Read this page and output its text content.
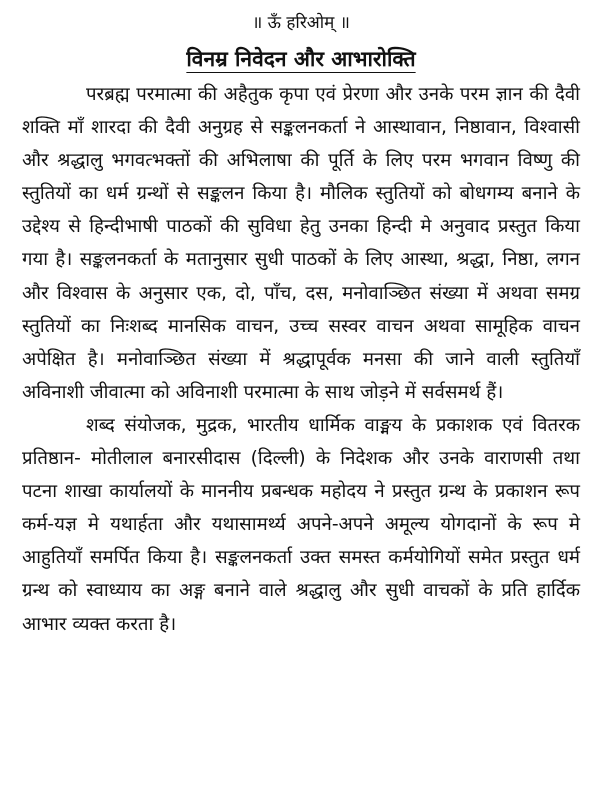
॥ ऊँ हरिओम् ॥
विनम्र निवेदन और आभारोक्ति

परब्रह्म परमात्मा की अहैतुक कृपा एवं प्रेरणा और उनके परम ज्ञान की दैवी शक्ति माँ शारदा की दैवी अनुग्रह से सङ्कलनकर्ता ने आस्थावान, निष्ठावान, विश्वासी और श्रद्धालु भगवत्भक्तों की अभिलाषा की पूर्ति के लिए परम भगवान विष्णु की स्तुतियों का धर्म ग्रन्थों से सङ्कलन किया है। मौलिक स्तुतियों को बोधगम्य बनाने के उद्देश्य से हिन्दीभाषी पाठकों की सुविधा हेतु उनका हिन्दी मे अनुवाद प्रस्तुत किया गया है। सङ्कलनकर्ता के मतानुसार सुधी पाठकों के लिए आस्था, श्रद्धा, निष्ठा, लगन और विश्वास के अनुसार एक, दो, पाँच, दस, मनोवाञ्छित संख्या में अथवा समग्र स्तुतियों का निःशब्द मानसिक वाचन, उच्च सस्वर वाचन अथवा सामूहिक वाचन अपेक्षित है। मनोवाञ्छित संख्या में श्रद्धापूर्वक मनसा की जाने वाली स्तुतियाँ अविनाशी जीवात्मा को अविनाशी परमात्मा के साथ जोड़ने में सर्वसमर्थ हैं।

शब्द संयोजक, मुद्रक, भारतीय धार्मिक वाङ्मय के प्रकाशक एवं वितरक प्रतिष्ठान- मोतीलाल बनारसीदास (दिल्ली) के निदेशक और उनके वाराणसी तथा पटना शाखा कार्यालयों के माननीय प्रबन्धक महोदय ने प्रस्तुत ग्रन्थ के प्रकाशन रूप कर्म-यज्ञ मे यथार्हता और यथासामर्थ्य अपने-अपने अमूल्य योगदानों के रूप मे आहुतियाँ समर्पित किया है। सङ्कलनकर्ता उक्त समस्त कर्मयोगियों समेत प्रस्तुत धर्म ग्रन्थ को स्वाध्याय का अङ्ग बनाने वाले श्रद्धालु और सुधी वाचकों के प्रति हार्दिक आभार व्यक्त करता है।
